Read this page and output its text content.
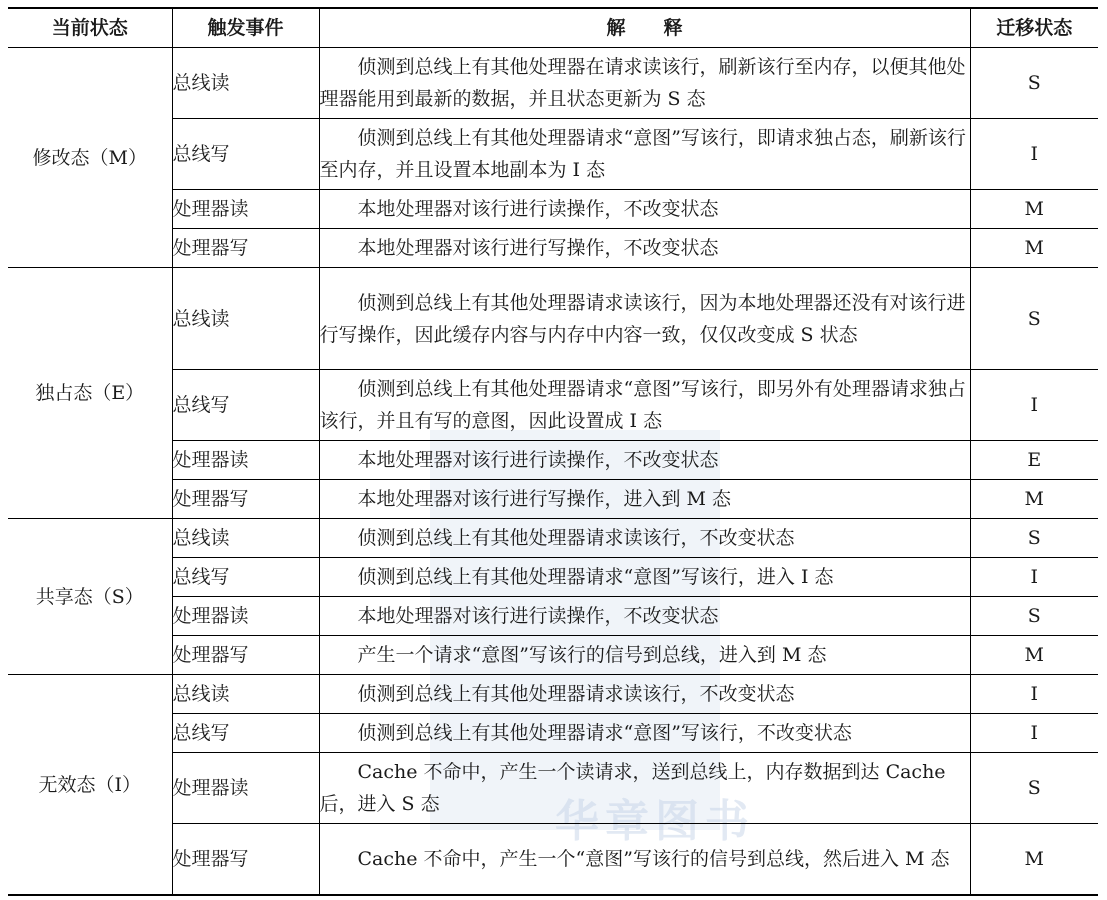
华章图书
当前状态	触发事件	解　　释	迁移状态
修改态（M）	总线读	侦测到总线上有其他处理器在请求读该行，刷新该行至内存，以便其他处理器能用到最新的数据，并且状态更新为 S 态	S
	总线写	侦测到总线上有其他处理器请求“意图”写该行，即请求独占态，刷新该行至内存，并且设置本地副本为 I 态	I
	处理器读	本地处理器对该行进行读操作，不改变状态	M
	处理器写	本地处理器对该行进行写操作，不改变状态	M
独占态（E）	总线读	侦测到总线上有其他处理器请求读该行，因为本地处理器还没有对该行进行写操作，因此缓存内容与内存中内容一致，仅仅改变成 S 状态	S
	总线写	侦测到总线上有其他处理器请求“意图”写该行，即另外有处理器请求独占该行，并且有写的意图，因此设置成 I 态	I
	处理器读	本地处理器对该行进行读操作，不改变状态	E
	处理器写	本地处理器对该行进行写操作，进入到 M 态	M
共享态（S）	总线读	侦测到总线上有其他处理器请求读该行，不改变状态	S
	总线写	侦测到总线上有其他处理器请求“意图”写该行，进入 I 态	I
	处理器读	本地处理器对该行进行读操作，不改变状态	S
	处理器写	产生一个请求“意图”写该行的信号到总线，进入到 M 态	M
无效态（I）	总线读	侦测到总线上有其他处理器请求读该行，不改变状态	I
	总线写	侦测到总线上有其他处理器请求“意图”写该行，不改变状态	I
	处理器读	Cache 不命中，产生一个读请求，送到总线上，内存数据到达 Cache 后，进入 S 态	S
	处理器写	Cache 不命中，产生一个“意图”写该行的信号到总线，然后进入 M 态	M
